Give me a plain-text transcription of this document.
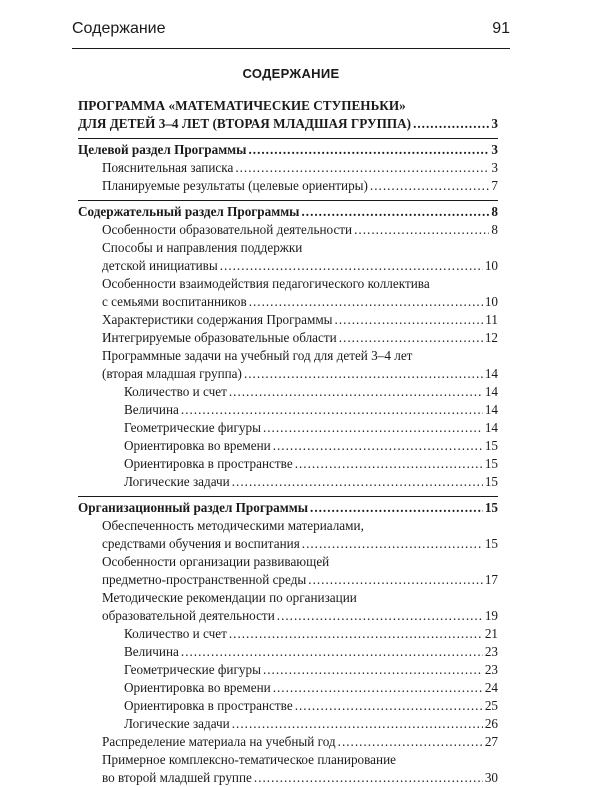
Содержание	91
СОДЕРЖАНИЕ
ПРОГРАММА «МАТЕМАТИЧЕСКИЕ СТУПЕНЬКИ»
ДЛЯ ДЕТЕЙ 3–4 ЛЕТ (ВТОРАЯ МЛАДШАЯ ГРУППА) .....	3
Целевой раздел Программы .....	3
Пояснительная записка .....	3
Планируемые результаты (целевые ориентиры) .....	7
Содержательный раздел Программы .....	8
Особенности образовательной деятельности .....	8
Способы и направления поддержки
детской инициативы .....	10
Особенности взаимодействия педагогического коллектива
с семьями воспитанников .....	10
Характеристики содержания Программы .....	11
Интегрируемые образовательные области .....	12
Программные задачи на учебный год для детей 3–4 лет
(вторая младшая группа) .....	14
Количество и счет .....	14
Величина .....	14
Геометрические фигуры .....	14
Ориентировка во времени .....	15
Ориентировка в пространстве .....	15
Логические задачи .....	15
Организационный раздел Программы .....	15
Обеспеченность методическими материалами,
средствами обучения и воспитания .....	15
Особенности организации развивающей
предметно-пространственной среды .....	17
Методические рекомендации по организации
образовательной деятельности .....	19
Количество и счет .....	21
Величина .....	23
Геометрические фигуры .....	23
Ориентировка во времени .....	24
Ориентировка в пространстве .....	25
Логические задачи .....	26
Распределение материала на учебный год .....	27
Примерное комплексно-тематическое планирование
во второй младшей группе .....	30
